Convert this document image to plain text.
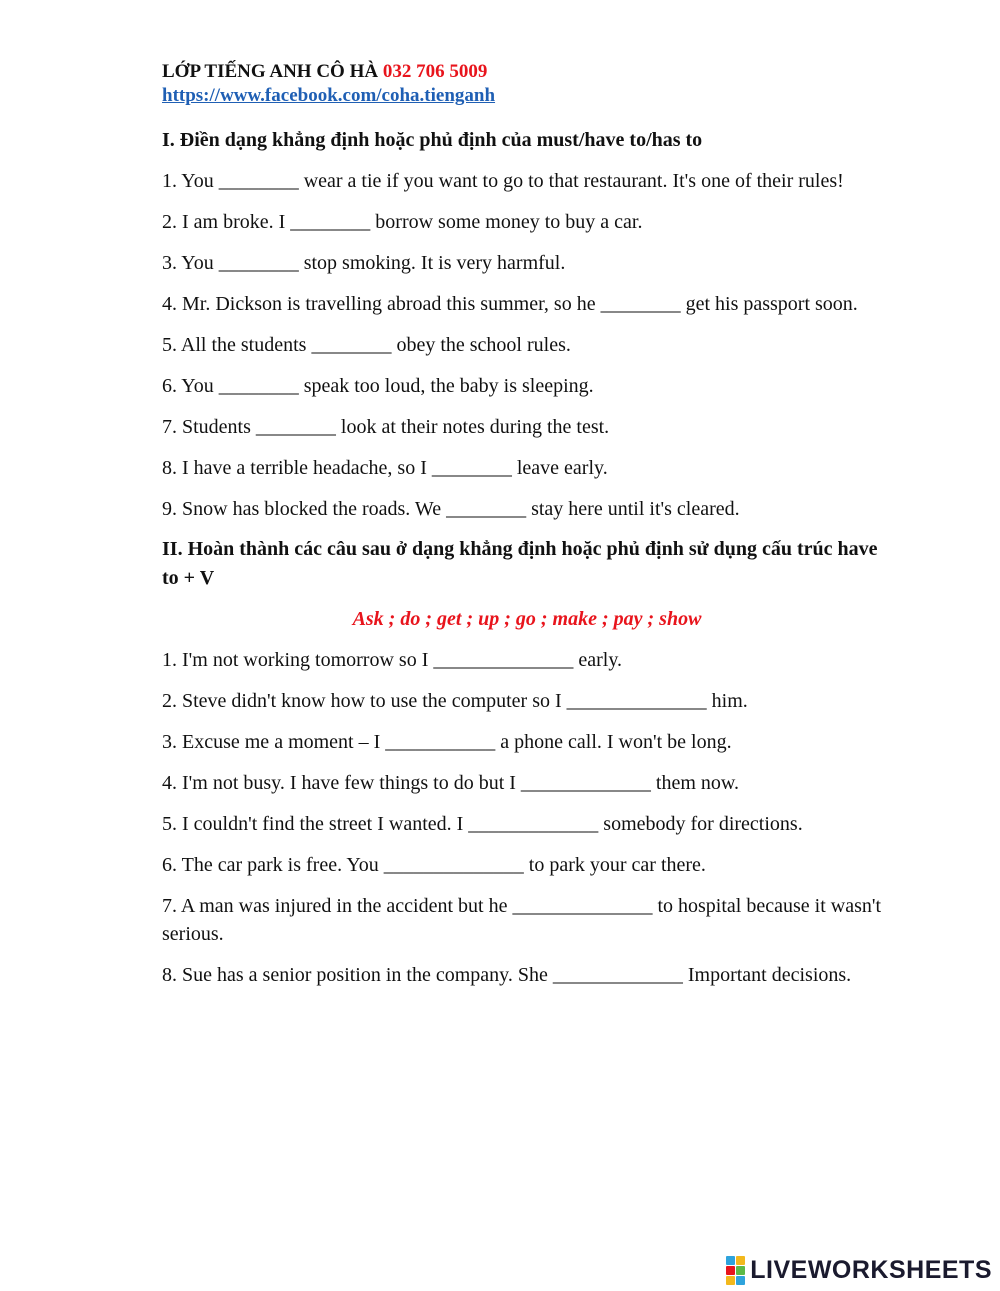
LỚP TIẾNG ANH CÔ HÀ 032 706 5009
https://www.facebook.com/coha.tienganh
I. Điền dạng khẳng định hoặc phủ định của must/have to/has to
1. You ________ wear a tie if you want to go to that restaurant. It's one of their rules!
2. I am broke. I ________ borrow some money to buy a car.
3. You ________ stop smoking. It is very harmful.
4. Mr. Dickson is travelling abroad this summer, so he ________ get his passport soon.
5. All the students ________ obey the school rules.
6. You ________ speak too loud, the baby is sleeping.
7. Students ________ look at their notes during the test.
8. I have a terrible headache, so I ________ leave early.
9. Snow has blocked the roads. We ________ stay here until it's cleared.
II. Hoàn thành các câu sau ở dạng khẳng định hoặc phủ định sử dụng cấu trúc have to + V
Ask ; do ; get ; up ; go ; make ; pay ; show
1. I'm not working tomorrow so I ______________ early.
2. Steve didn't know how to use the computer so I ______________ him.
3. Excuse me a moment – I ___________ a phone call. I won't be long.
4. I'm not busy. I have few things to do but I _____________ them now.
5. I couldn't find the street I wanted. I _____________ somebody for directions.
6. The car park is free. You ______________ to park your car there.
7. A man was injured in the accident but he ______________ to hospital because it wasn't serious.
8. Sue has a senior position in the company. She _____________ Important decisions.
LIVEWORKSHEETS
